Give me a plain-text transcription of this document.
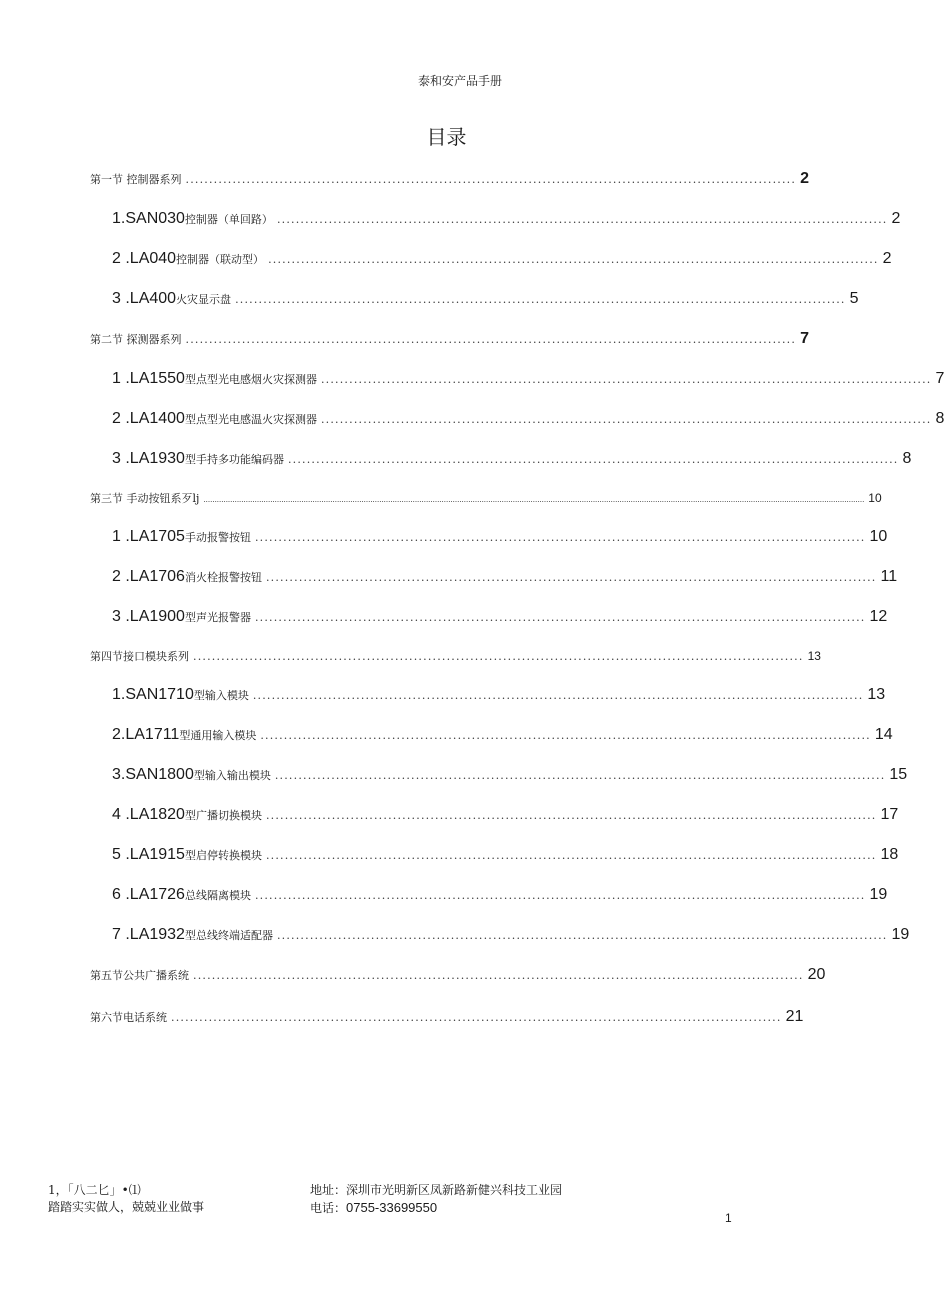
泰和安产品手册
目录
第一节 控制器系列 .................................................................................................................................. 2
1.SAN030 控制器（单回路） .................................................................................................................................. 2
2 .LA040 控制器（联动型） .................................................................................................................................. 2
3 .LA400 火灾显示盘 .................................................................................................................................. 5
第二节 探测器系列 .................................................................................................................................. 7
1 .LA1550 型点型光电感烟火灾探测器 .................................................................................................................................. 7
2 .LA1400 型点型光电感温火灾探测器 .................................................................................................................................. 8
3 .LA1930 型手持多功能编码器 .................................................................................................................................. 8
第三节 手动按钮系歹lj ......................................................................................................................................................................................................................................................................................................... 10
1 .LA1705 手动报警按钮 .................................................................................................................................. 10
2 .LA1706 消火栓报警按钮 .................................................................................................................................. 11
3 .LA1900 型声光报警器 .................................................................................................................................. 12
第四节接口模块系列 .................................................................................................................................. 13
1.SAN1710 型输入模块 .................................................................................................................................. 13
2.LA1711 型通用输入模块 .................................................................................................................................. 14
3.SAN1800 型输入输出模块 .................................................................................................................................. 15
4 .LA1820 型广播切换模块 .................................................................................................................................. 17
5 .LA1915 型启停转换模块 .................................................................................................................................. 18
6 .LA1726 总线隔离模块 .................................................................................................................................. 19
7 .LA1932 型总线终端适配器 .................................................................................................................................. 19
第五节公共广播系统 .................................................................................................................................. 20
第六节电话系统 .................................................................................................................................. 21
1，「八二匕」•⑴
踏踏实实做人，兢兢业业做事
地址：深圳市光明新区凤新路新健兴科技工业园
电话：0755-33699550
1
